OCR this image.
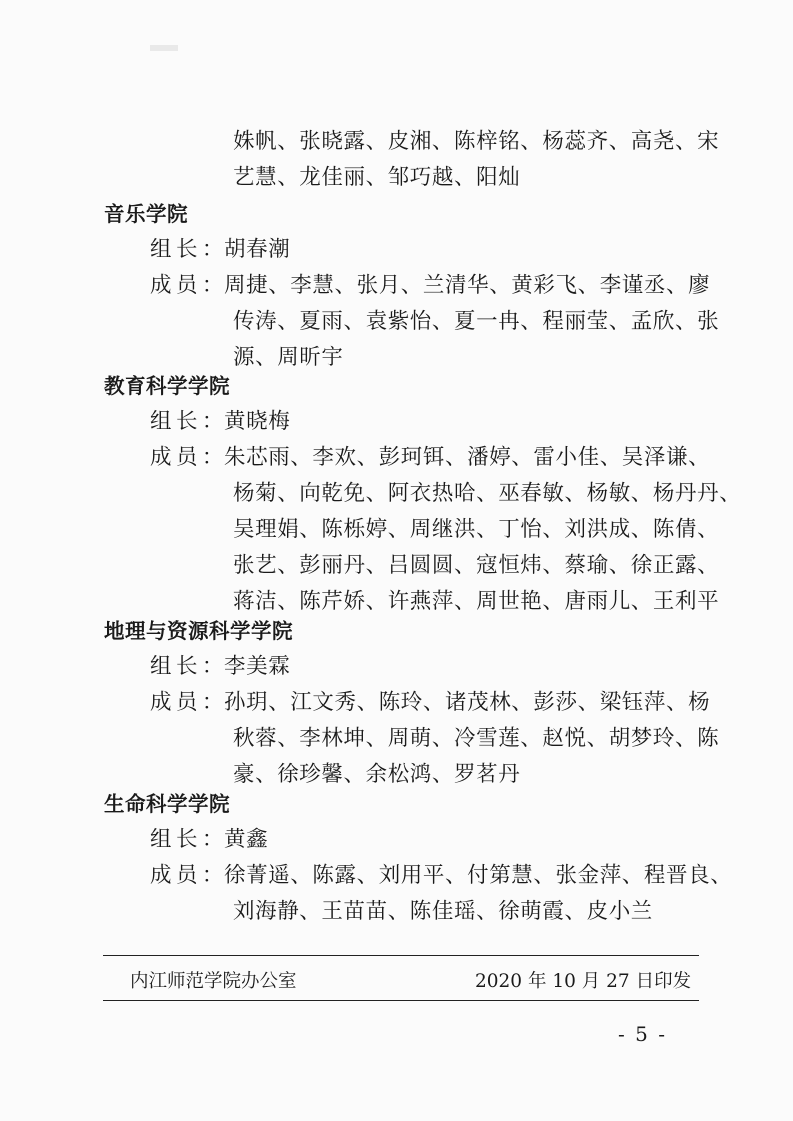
姝帆、张晓露、皮湘、陈梓铭、杨蕊齐、高尧、宋
艺慧、龙佳丽、邹巧越、阳灿
音乐学院
组长：胡春潮
成员：周捷、李慧、张月、兰清华、黄彩飞、李谨丞、廖
传涛、夏雨、袁紫怡、夏一冉、程丽莹、孟欣、张
源、周昕宇
教育科学学院
组长：黄晓梅
成员：朱芯雨、李欢、彭珂铒、潘婷、雷小佳、吴泽谦、
杨菊、向乾免、阿衣热哈、巫春敏、杨敏、杨丹丹、
吴理娟、陈栎婷、周继洪、丁怡、刘洪成、陈倩、
张艺、彭丽丹、吕圆圆、寇恒炜、蔡瑜、徐正露、
蒋洁、陈芹娇、许燕萍、周世艳、唐雨儿、王利平
地理与资源科学学院
组长：李美霖
成员：孙玥、江文秀、陈玲、诸茂林、彭莎、梁钰萍、杨
秋蓉、李林坤、周萌、冷雪莲、赵悦、胡梦玲、陈
豪、徐珍馨、余松鸿、罗茗丹
生命科学学院
组长：黄鑫
成员：徐菁遥、陈露、刘用平、付第慧、张金萍、程晋良、
刘海静、王苗苗、陈佳瑶、徐萌霞、皮小兰
内江师范学院办公室	2020 年 10 月 27 日印发
- 5 -
